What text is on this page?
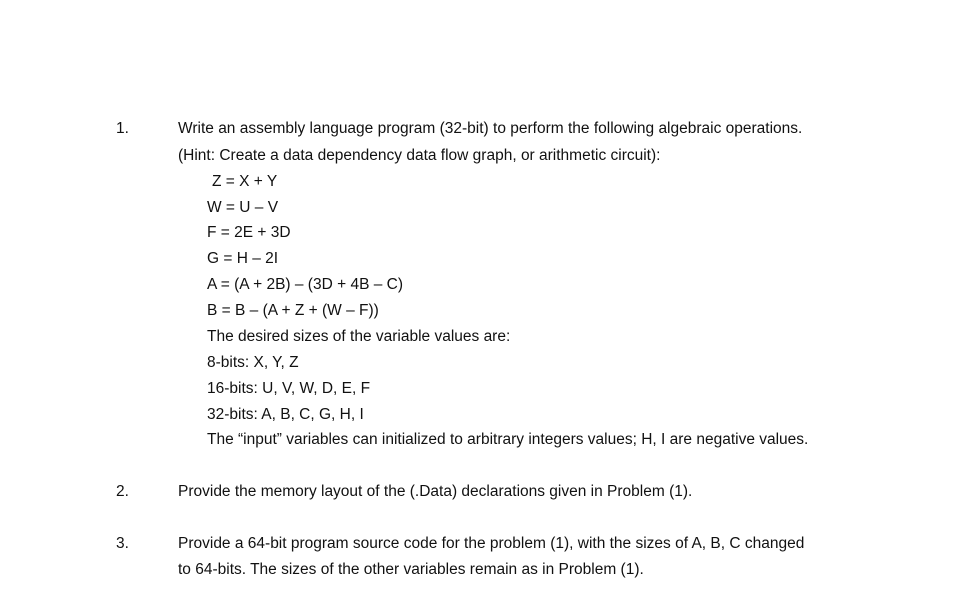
1.	Write an assembly language program (32-bit) to perform the following algebraic operations.
(Hint: Create a data dependency data flow graph, or arithmetic circuit):
Z = X + Y
W = U – V
F = 2E + 3D
G = H – 2I
A = (A + 2B) – (3D + 4B – C)
B = B – (A + Z + (W – F))
The desired sizes of the variable values are:
8-bits: X, Y, Z
16-bits: U, V, W, D, E, F
32-bits: A, B, C, G, H, I
The “input” variables can initialized to arbitrary integers values; H, I are negative values.
2.	Provide the memory layout of the (.Data) declarations given in Problem (1).
3.	Provide a 64-bit program source code for the problem (1), with the sizes of A, B, C changed
to 64-bits. The sizes of the other variables remain as in Problem (1).
